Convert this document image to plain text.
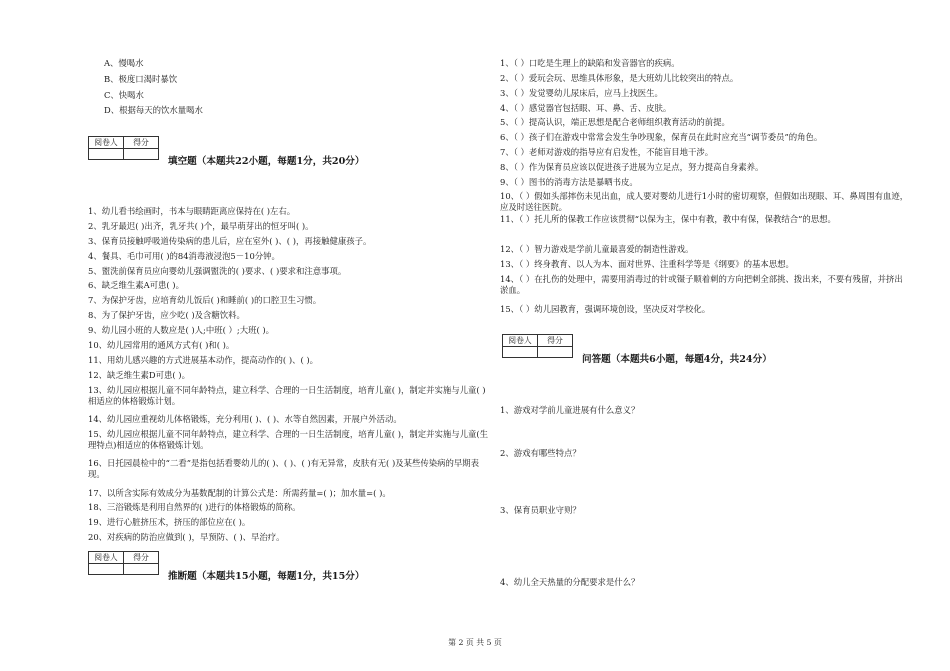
A、慢喝水
B、极度口渴时暴饮
C、快喝水
D、根据每天的饮水量喝水
阅卷人	得分

填空题（本题共22小题，每题1分，共20分）
1、幼儿看书绘画时，书本与眼睛距离应保持在( )左右。
2、乳牙最迟( )出齐，乳牙共( )个，最早萌芽出的恒牙叫( )。
3、保育员接触呼吸道传染病的患儿后，应在室外( )、( )，再接触健康孩子。
4、餐具、毛巾可用( )的84消毒液浸泡5－10分钟。
5、盥洗前保育员应向婴幼儿强调盥洗的( )要求、( )要求和注意事项。
6、缺乏维生素A可患( )。
7、为保护牙齿，应培育幼儿饭后( )和睡前( )的口腔卫生习惯。
8、为了保护牙齿，应少吃( )及含糖饮料。
9、幼儿园小班的人数应是( )人;中班( ）;大班( )。
10、幼儿园常用的通风方式有( )和( )。
11、用幼儿感兴趣的方式进展基本动作，提高动作的( )、( )。
12、缺乏维生素D可患( )。
13、幼儿园应根据儿童不同年龄特点，建立科学、合理的一日生活制度，培育儿童( )，制定并实施与儿童( )相适应的体格锻炼计划。
14、幼儿园应重视幼儿体格锻炼，充分利用( )、( )、水等自然因素，开展户外活动。
15、幼儿园应根据儿童不同年龄特点，建立科学、合理的一日生活制度，培育儿童( )，制定并实施与儿童(生理特点)相适应的体格锻炼计划。
16、日托园晨检中的“二看”是指包括看婴幼儿的( )、( )、( )有无异常，皮肤有无( )及某些传染病的早期表现。
17、以所含实际有效成分为基数配制的计算公式是：所需药量=( )；加水量=( )。
18、三浴锻炼是利用自然界的( )进行的体格锻炼的简称。
19、进行心脏挤压术，挤压的部位应在( )。
20、对疾病的防治应做到( )，早预防、( )、早治疗。
阅卷人	得分

推断题（本题共15小题，每题1分，共15分）
1、（ ）口吃是生理上的缺陷和发音器官的疾病。
2、（ ）爱玩会玩、思维具体形象，是大班幼儿比较突出的特点。
3、（ ）发觉婴幼儿尿床后，应马上找医生。
4、（ ）感觉器官包括眼、耳、鼻、舌、皮肤。
5、（ ）提高认识，端正思想是配合老师组织教育活动的前提。
6、（ ）孩子们在游戏中常常会发生争吵现象，保育员在此时应充当“调节委员”的角色。
7、（ ）老师对游戏的指导应有启发性，不能盲目地干涉。
8、（ ）作为保育员应该以促进孩子进展为立足点，努力提高自身素养。
9、（ ）图书的消毒方法是暴晒书皮。
10、（ ）假如头部摔伤未见出血，成人要对婴幼儿进行1小时的密切观察，但假如出现眼、耳、鼻周围有血迹，应及时送往医院。
11、（ ）托儿所的保教工作应该贯彻“以保为主，保中有教，教中有保，保教结合”的思想。
12、（ ）智力游戏是学前儿童最喜爱的制造性游戏。
13、（ ）终身教育、以人为本、面对世界、注重科学等是《纲要》的基本思想。
14、（ ）在扎伤的处理中，需要用消毒过的针或镊子顺着刺的方向把刺全部挑、拨出来，不要有残留，并挤出淤血。
15、（ ）幼儿园教育，强调环境创设，坚决反对学校化。
阅卷人	得分

问答题（本题共6小题，每题4分，共24分）
1、游戏对学前儿童进展有什么意义？
2、游戏有哪些特点？
3、保育员职业守则？
4、幼儿全天热量的分配要求是什么？
第 2 页 共 5 页
